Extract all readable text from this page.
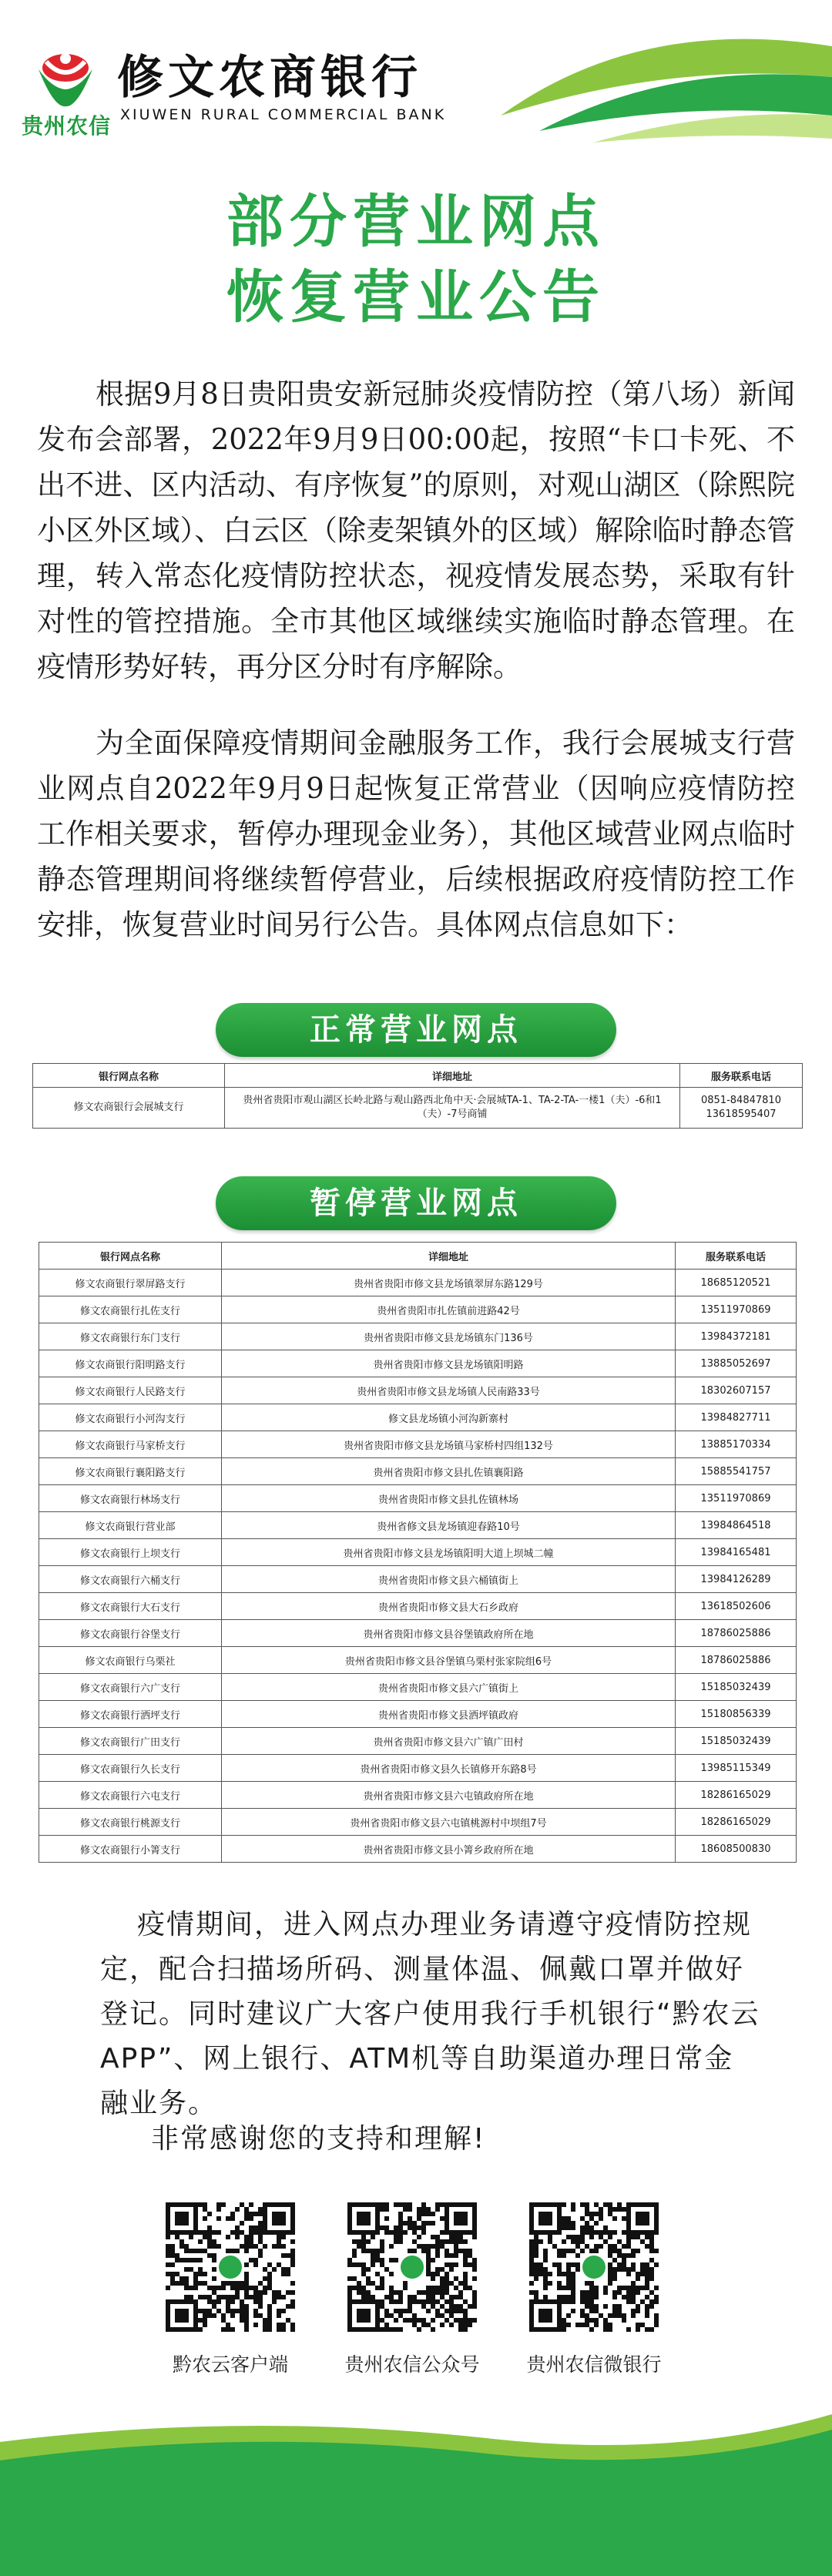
贵州农信
修文农商银行
XIUWEN RURAL COMMERCIAL BANK
部分营业网点
恢复营业公告
根据9月8日贵阳贵安新冠肺炎疫情防控（第八场）新闻发布会部署，2022年9月9日00:00起，按照“卡口卡死、不出不进、区内活动、有序恢复”的原则，对观山湖区（除熙院小区外区域）、白云区（除麦架镇外的区域）解除临时静态管理，转入常态化疫情防控状态，视疫情发展态势，采取有针对性的管控措施。全市其他区域继续实施临时静态管理。在疫情形势好转，再分区分时有序解除。
为全面保障疫情期间金融服务工作，我行会展城支行营业网点自2022年9月9日起恢复正常营业（因响应疫情防控工作相关要求，暂停办理现金业务），其他区域营业网点临时静态管理期间将继续暂停营业，后续根据政府疫情防控工作安排，恢复营业时间另行公告。具体网点信息如下：
正常营业网点
银行网点名称	详细地址	服务联系电话
修文农商银行会展城支行	贵州省贵阳市观山湖区长岭北路与观山路西北角中天·会展城TA-1、TA-2-TA-一楼1（夫）-6和1（夫）-7号商铺	0851-84847810 13618595407
暂停营业网点
银行网点名称	详细地址	服务联系电话
修文农商银行翠屏路支行	贵州省贵阳市修文县龙场镇翠屏东路129号	18685120521
修文农商银行扎佐支行	贵州省贵阳市扎佐镇前进路42号	13511970869
修文农商银行东门支行	贵州省贵阳市修文县龙场镇东门136号	13984372181
修文农商银行阳明路支行	贵州省贵阳市修文县龙场镇阳明路	13885052697
修文农商银行人民路支行	贵州省贵阳市修文县龙场镇人民南路33号	18302607157
修文农商银行小河沟支行	修文县龙场镇小河沟新寨村	13984827711
修文农商银行马家桥支行	贵州省贵阳市修文县龙场镇马家桥村四组132号	13885170334
修文农商银行襄阳路支行	贵州省贵阳市修文县扎佐镇襄阳路	15885541757
修文农商银行林场支行	贵州省贵阳市修文县扎佐镇林场	13511970869
修文农商银行营业部	贵州省修文县龙场镇迎春路10号	13984864518
修文农商银行上坝支行	贵州省贵阳市修文县龙场镇阳明大道上坝城二幢	13984165481
修文农商银行六桶支行	贵州省贵阳市修文县六桶镇街上	13984126289
修文农商银行大石支行	贵州省贵阳市修文县大石乡政府	13618502606
修文农商银行谷堡支行	贵州省贵阳市修文县谷堡镇政府所在地	18786025886
修文农商银行乌栗社	贵州省贵阳市修文县谷堡镇乌栗村张家院组6号	18786025886
修文农商银行六广支行	贵州省贵阳市修文县六广镇街上	15185032439
修文农商银行洒坪支行	贵州省贵阳市修文县洒坪镇政府	15180856339
修文农商银行广田支行	贵州省贵阳市修文县六广镇广田村	15185032439
修文农商银行久长支行	贵州省贵阳市修文县久长镇修开东路8号	13985115349
修文农商银行六屯支行	贵州省贵阳市修文县六屯镇政府所在地	18286165029
修文农商银行桃源支行	贵州省贵阳市修文县六屯镇桃源村中坝组7号	18286165029
修文农商银行小箐支行	贵州省贵阳市修文县小箐乡政府所在地	18608500830
疫情期间，进入网点办理业务请遵守疫情防控规定，配合扫描场所码、测量体温、佩戴口罩并做好登记。同时建议广大客户使用我行手机银行“黔农云APP”、网上银行、ATM机等自助渠道办理日常金融业务。
非常感谢您的支持和理解!
黔农云客户端	贵州农信公众号	贵州农信微银行
